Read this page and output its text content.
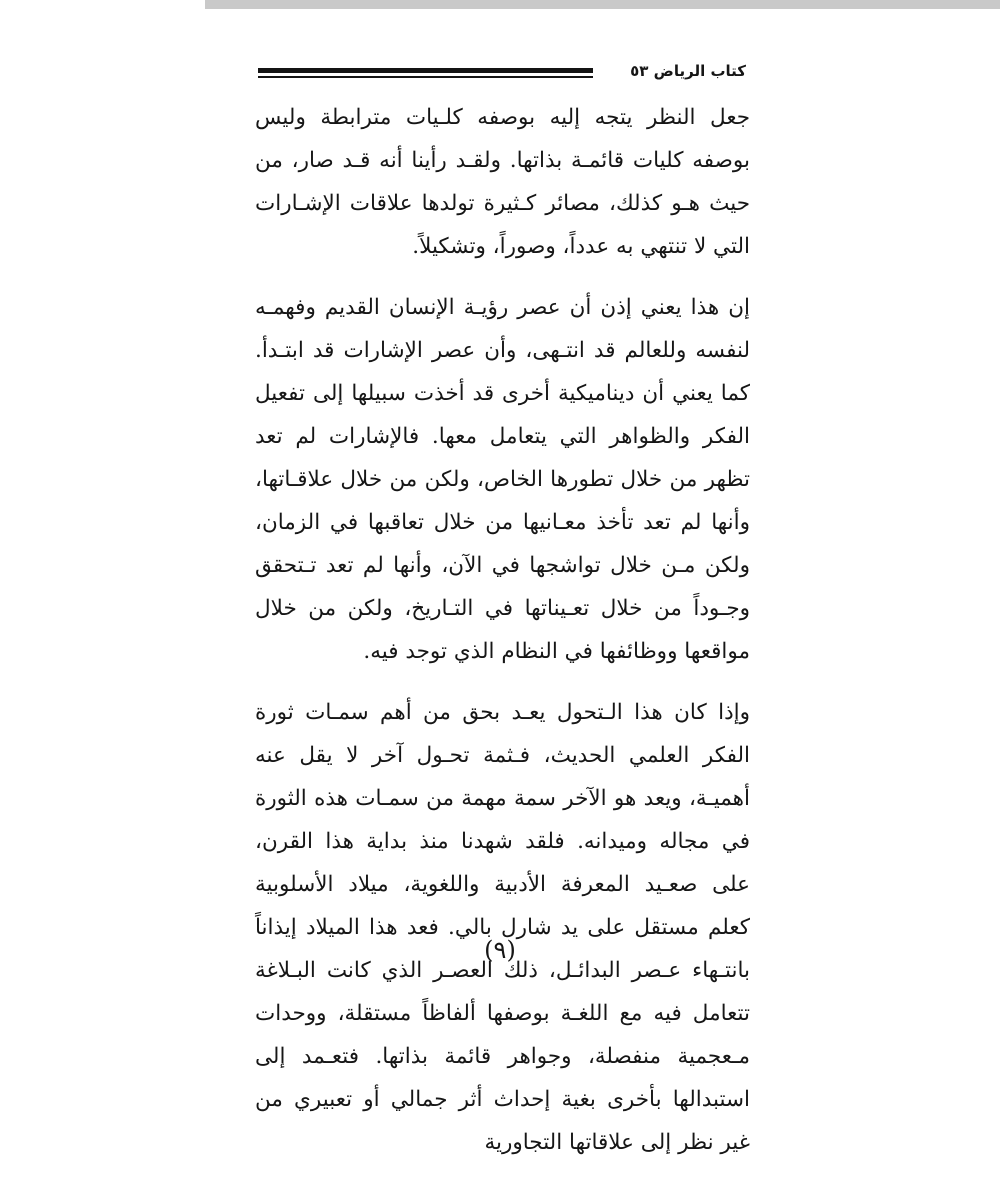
كتاب الرياض ٥٣

جعل النظر يتجه إليه بوصفه كلـيات مترابطة وليس بوصفه كليات قائمـة بذاتها. ولقـد رأينا أنه قـد صار، من حيث هـو كذلك، مصائر كـثيرة تولدها علاقات الإشـارات التي لا تنتهي به عدداً، وصوراً، وتشكيلاً.

إن هذا يعني إذن أن عصر رؤيـة الإنسان القديم وفهمـه لنفسه وللعالم قد انتـهى، وأن عصر الإشارات قد ابتـدأ. كما يعني أن ديناميكية أخرى قد أخذت سبيلها إلى تفعيل الفكر والظواهر التي يتعامل معها. فالإشارات لم تعد تظهر من خلال تطورها الخاص، ولكن من خلال علاقـاتها، وأنها لم تعد تأخذ معـانيها من خلال تعاقبها في الزمان، ولكن مـن خلال تواشجها في الآن، وأنها لم تعد تـتحقق وجـوداً من خلال تعـيناتها في التـاريخ، ولكن من خلال مواقعها ووظائفها في النظام الذي توجد فيه.

وإذا كان هذا الـتحول يعـد بحق من أهم سمـات ثورة الفكر العلمي الحديث، فـثمة تحـول آخر لا يقل عنه أهميـة، ويعد هو الآخر سمة مهمة من سمـات هذه الثورة في مجاله وميدانه. فلقد شهدنا منذ بداية هذا القرن، على صعـيد المعرفة الأدبية واللغوية، ميلاد الأسلوبية كعلم مستقل على يد شارل بالي. فعد هذا الميلاد إيذاناً بانتـهاء عـصر البدائـل، ذلك العصـر الذي كانت البـلاغة تتعامل فيه مع اللغـة بوصفها ألفاظاً مستقلة، ووحدات مـعجمية منفصلة، وجواهر قائمة بذاتها. فتعـمد إلى استبدالها بأخرى بغية إحداث أثر جمالي أو تعبيري من غير نظر إلى علاقاتها التجاورية

(٩)
